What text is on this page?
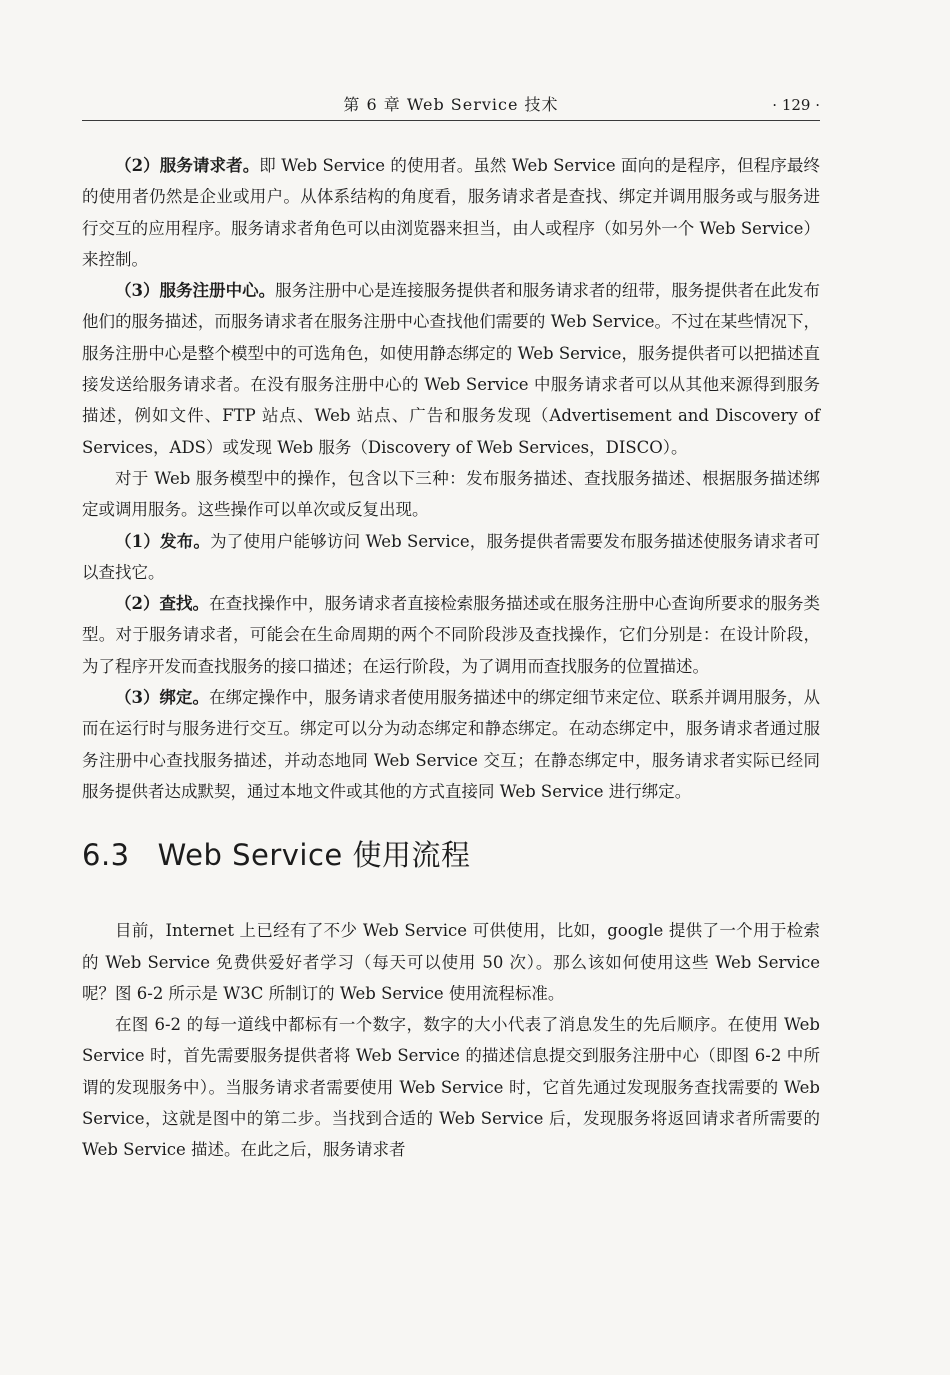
第 6 章 Web Service 技术	· 129 ·

（2）服务请求者。即 Web Service 的使用者。虽然 Web Service 面向的是程序，但程序最终的使用者仍然是企业或用户。从体系结构的角度看，服务请求者是查找、绑定并调用服务或与服务进行交互的应用程序。服务请求者角色可以由浏览器来担当，由人或程序（如另外一个 Web Service）来控制。

（3）服务注册中心。服务注册中心是连接服务提供者和服务请求者的纽带，服务提供者在此发布他们的服务描述，而服务请求者在服务注册中心查找他们需要的 Web Service。不过在某些情况下，服务注册中心是整个模型中的可选角色，如使用静态绑定的 Web Service，服务提供者可以把描述直接发送给服务请求者。在没有服务注册中心的 Web Service 中服务请求者可以从其他来源得到服务描述，例如文件、FTP 站点、Web 站点、广告和服务发现（Advertisement and Discovery of Services，ADS）或发现 Web 服务（Discovery of Web Services，DISCO）。

对于 Web 服务模型中的操作，包含以下三种：发布服务描述、查找服务描述、根据服务描述绑定或调用服务。这些操作可以单次或反复出现。

（1）发布。为了使用户能够访问 Web Service，服务提供者需要发布服务描述使服务请求者可以查找它。

（2）查找。在查找操作中，服务请求者直接检索服务描述或在服务注册中心查询所要求的服务类型。对于服务请求者，可能会在生命周期的两个不同阶段涉及查找操作，它们分别是：在设计阶段，为了程序开发而查找服务的接口描述；在运行阶段，为了调用而查找服务的位置描述。

（3）绑定。在绑定操作中，服务请求者使用服务描述中的绑定细节来定位、联系并调用服务，从而在运行时与服务进行交互。绑定可以分为动态绑定和静态绑定。在动态绑定中，服务请求者通过服务注册中心查找服务描述，并动态地同 Web Service 交互；在静态绑定中，服务请求者实际已经同服务提供者达成默契，通过本地文件或其他的方式直接同 Web Service 进行绑定。

6.3 Web Service 使用流程

目前，Internet 上已经有了不少 Web Service 可供使用，比如，google 提供了一个用于检索的 Web Service 免费供爱好者学习（每天可以使用 50 次）。那么该如何使用这些 Web Service 呢？图 6-2 所示是 W3C 所制订的 Web Service 使用流程标准。

在图 6-2 的每一道线中都标有一个数字，数字的大小代表了消息发生的先后顺序。在使用 Web Service 时，首先需要服务提供者将 Web Service 的描述信息提交到服务注册中心（即图 6-2 中所谓的发现服务中）。当服务请求者需要使用 Web Service 时，它首先通过发现服务查找需要的 Web Service，这就是图中的第二步。当找到合适的 Web Service 后，发现服务将返回请求者所需要的 Web Service 描述。在此之后，服务请求者
